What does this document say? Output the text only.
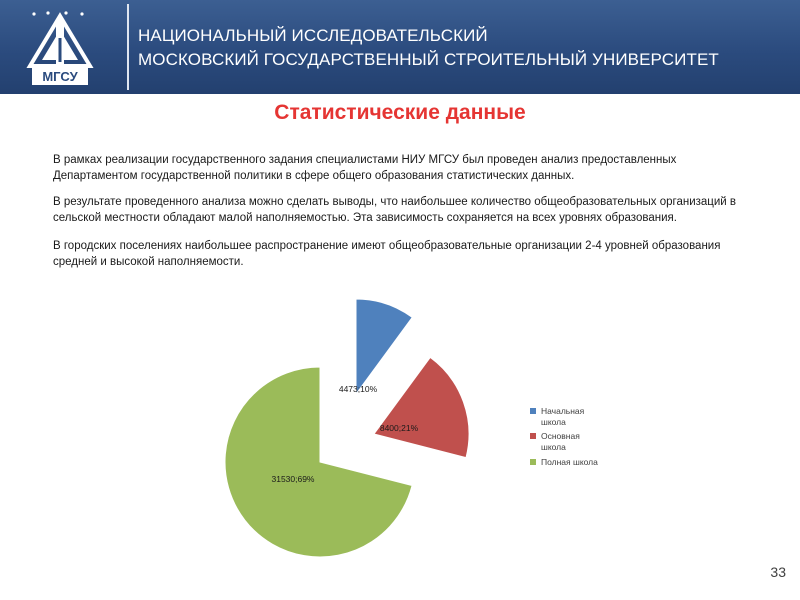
МГСУ
НАЦИОНАЛЬНЫЙ ИССЛЕДОВАТЕЛЬСКИЙ
МОСКОВСКИЙ ГОСУДАРСТВЕННЫЙ СТРОИТЕЛЬНЫЙ УНИВЕРСИТЕТ
Статистические данные

В рамках реализации государственного задания специалистами НИУ МГСУ был проведен анализ предоставленных Департаментом государственной политики в сфере общего образования статистических данных.

В результате проведенного анализа можно сделать выводы, что наибольшее количество общеобразовательных организаций в сельской местности обладают малой наполняемостью. Эта зависимость сохраняется на всех уровнях образования.

В городских поселениях наибольшее распространение имеют общеобразовательные организации 2-4 уровней образования средней и высокой наполняемости.

4473;10%
8400;21%
31530;69%
Начальная школа
Основная школа
Полная школа
33
